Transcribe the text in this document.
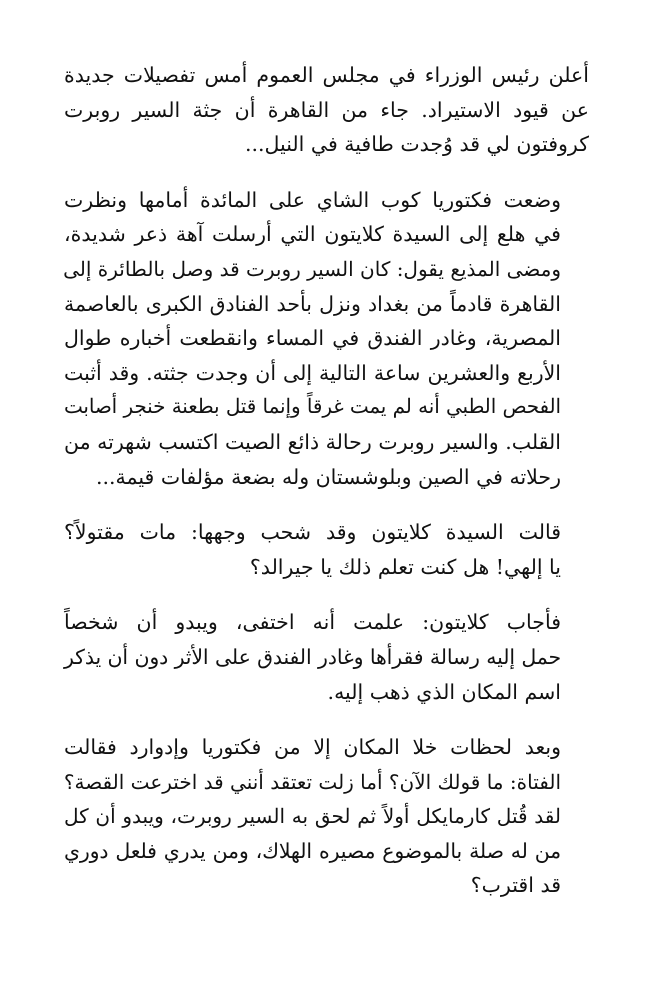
أعلن رئيس الوزراء في مجلس العموم أمس تفصيلات جديدة
عن قيود الاستيراد. جاء من القاهرة أن جثة السير روبرت
كروفتون لي قد وُجدت طافية في النيل...

وضعت فكتوريا كوب الشاي على المائدة أمامها ونظرت
في هلع إلى السيدة كلايتون التي أرسلت آهة ذعر شديدة،
ومضى المذيع يقول: كان السير روبرت قد وصل بالطائرة إلى
القاهرة قادماً من بغداد ونزل بأحد الفنادق الكبرى بالعاصمة
المصرية، وغادر الفندق في المساء وانقطعت أخباره طوال
الأربع والعشرين ساعة التالية إلى أن وجدت جثته. وقد أثبت
الفحص الطبي أنه لم يمت غرقاً وإنما قتل بطعنة خنجر أصابت
القلب. والسير روبرت رحالة ذائع الصيت اكتسب شهرته من
رحلاته في الصين وبلوشستان وله بضعة مؤلفات قيمة...

قالت السيدة كلايتون وقد شحب وجهها: مات مقتولاً؟
يا إلهي! هل كنت تعلم ذلك يا جيرالد؟

فأجاب كلايتون: علمت أنه اختفى، ويبدو أن شخصاً
حمل إليه رسالة فقرأها وغادر الفندق على الأثر دون أن يذكر
اسم المكان الذي ذهب إليه.

وبعد لحظات خلا المكان إلا من فكتوريا وإدوارد فقالت
الفتاة: ما قولك الآن؟ أما زلت تعتقد أنني قد اخترعت القصة؟
لقد قُتل كارمايكل أولاً ثم لحق به السير روبرت، ويبدو أن كل
من له صلة بالموضوع مصيره الهلاك، ومن يدري فلعل دوري
قد اقترب؟
